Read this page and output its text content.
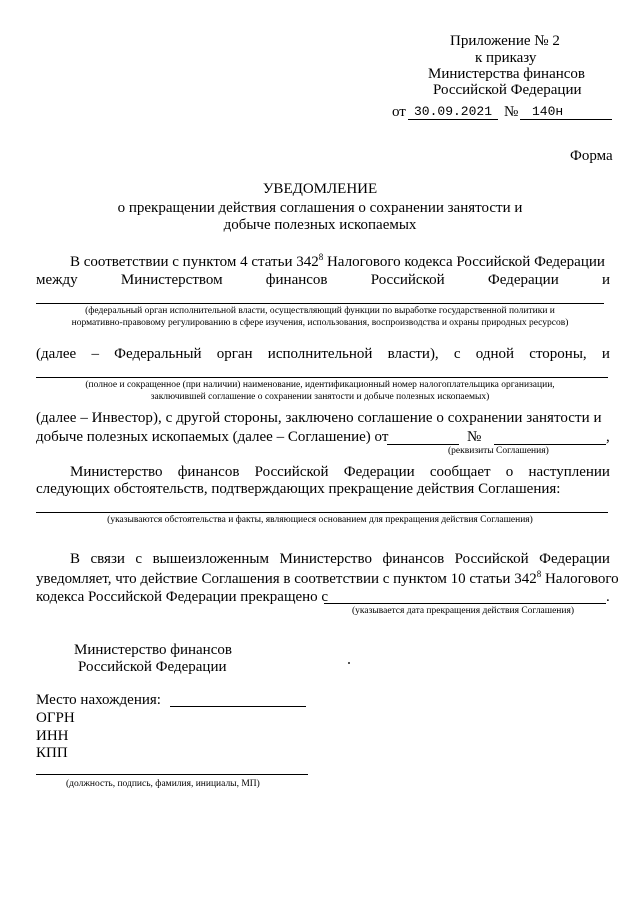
Приложение № 2
к приказу
Министерства финансов
Российской Федерации
от 30.09.2021 № 140н
Форма
УВЕДОМЛЕНИЕ
о прекращении действия соглашения о сохранении занятости и
добыче полезных ископаемых
В соответствии с пунктом 4 статьи $342^8$ Налогового кодекса Российской Федерации
между	Министерством	финансов	Российской	Федерации	и
(федеральный орган исполнительной власти, осуществляющий функции по выработке государственной политики и
нормативно-правовому регулированию в сфере изучения, использования, воспроизводства и охраны природных ресурсов)
(далее – Федеральный орган исполнительной власти), с одной стороны, и
(полное и сокращенное (при наличии) наименование, идентификационный номер налогоплательщика организации,
заключившей соглашение о сохранении занятости и добыче полезных ископаемых)
(далее – Инвестор), с другой стороны, заключено соглашение о сохранении занятости и
добыче полезных ископаемых (далее – Соглашение) от	№	,
(реквизиты Соглашения)
Министерство финансов Российской Федерации сообщает о наступлении
следующих обстоятельств, подтверждающих прекращение действия Соглашения:
(указываются обстоятельства и факты, являющиеся основанием для прекращения действия Соглашения)
В связи с вышеизложенным Министерство финансов Российской Федерации
уведомляет, что действие Соглашения в соответствии с пунктом 10 статьи $342^8$ Налогового
кодекса Российской Федерации прекращено с	.
(указывается дата прекращения действия Соглашения)
Министерство финансов
Российской Федерации
Место нахождения:
ОГРН
ИНН
КПП
(должность, подпись, фамилия, инициалы, МП)
